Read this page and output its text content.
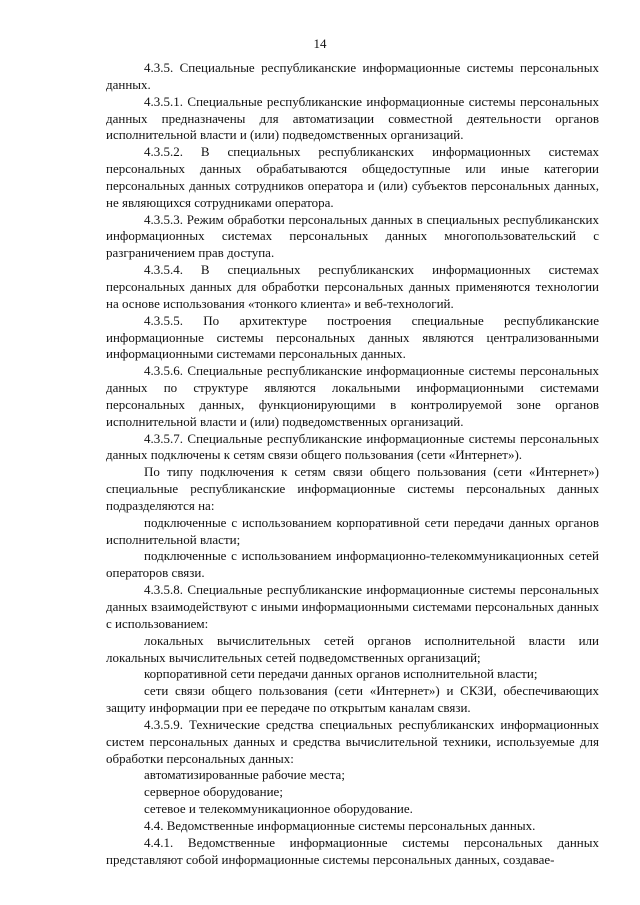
14

4.3.5. Специальные республиканские информационные системы персональных данных.

4.3.5.1. Специальные республиканские информационные системы персональных данных предназначены для автоматизации совместной деятельности органов исполнительной власти и (или) подведомственных организаций.

4.3.5.2. В специальных республиканских информационных системах персональных данных обрабатываются общедоступные или иные категории персональных данных сотрудников оператора и (или) субъектов персональных данных, не являющихся сотрудниками оператора.

4.3.5.3. Режим обработки персональных данных в специальных республиканских информационных системах персональных данных многопользовательский с разграничением прав доступа.

4.3.5.4. В специальных республиканских информационных системах персональных данных для обработки персональных данных применяются технологии на основе использования «тонкого клиента» и веб-технологий.

4.3.5.5. По архитектуре построения специальные республиканские информационные системы персональных данных являются централизованными информационными системами персональных данных.

4.3.5.6. Специальные республиканские информационные системы персональных данных по структуре являются локальными информационными системами персональных данных, функционирующими в контролируемой зоне органов исполнительной власти и (или) подведомственных организаций.

4.3.5.7. Специальные республиканские информационные системы персональных данных подключены к сетям связи общего пользования (сети «Интернет»).

По типу подключения к сетям связи общего пользования (сети «Интернет») специальные республиканские информационные системы персональных данных подразделяются на:

подключенные с использованием корпоративной сети передачи данных органов исполнительной власти;

подключенные с использованием информационно-телекоммуникационных сетей операторов связи.

4.3.5.8. Специальные республиканские информационные системы персональных данных взаимодействуют с иными информационными системами персональных данных с использованием:

локальных вычислительных сетей органов исполнительной власти или локальных вычислительных сетей подведомственных организаций;

корпоративной сети передачи данных органов исполнительной власти;

сети связи общего пользования (сети «Интернет») и СКЗИ, обеспечивающих защиту информации при ее передаче по открытым каналам связи.

4.3.5.9. Технические средства специальных республиканских информационных систем персональных данных и средства вычислительной техники, используемые для обработки персональных данных:

автоматизированные рабочие места;

серверное оборудование;

сетевое и телекоммуникационное оборудование.

4.4. Ведомственные информационные системы персональных данных.

4.4.1. Ведомственные информационные системы персональных данных представляют собой информационные системы персональных данных, создавае-
